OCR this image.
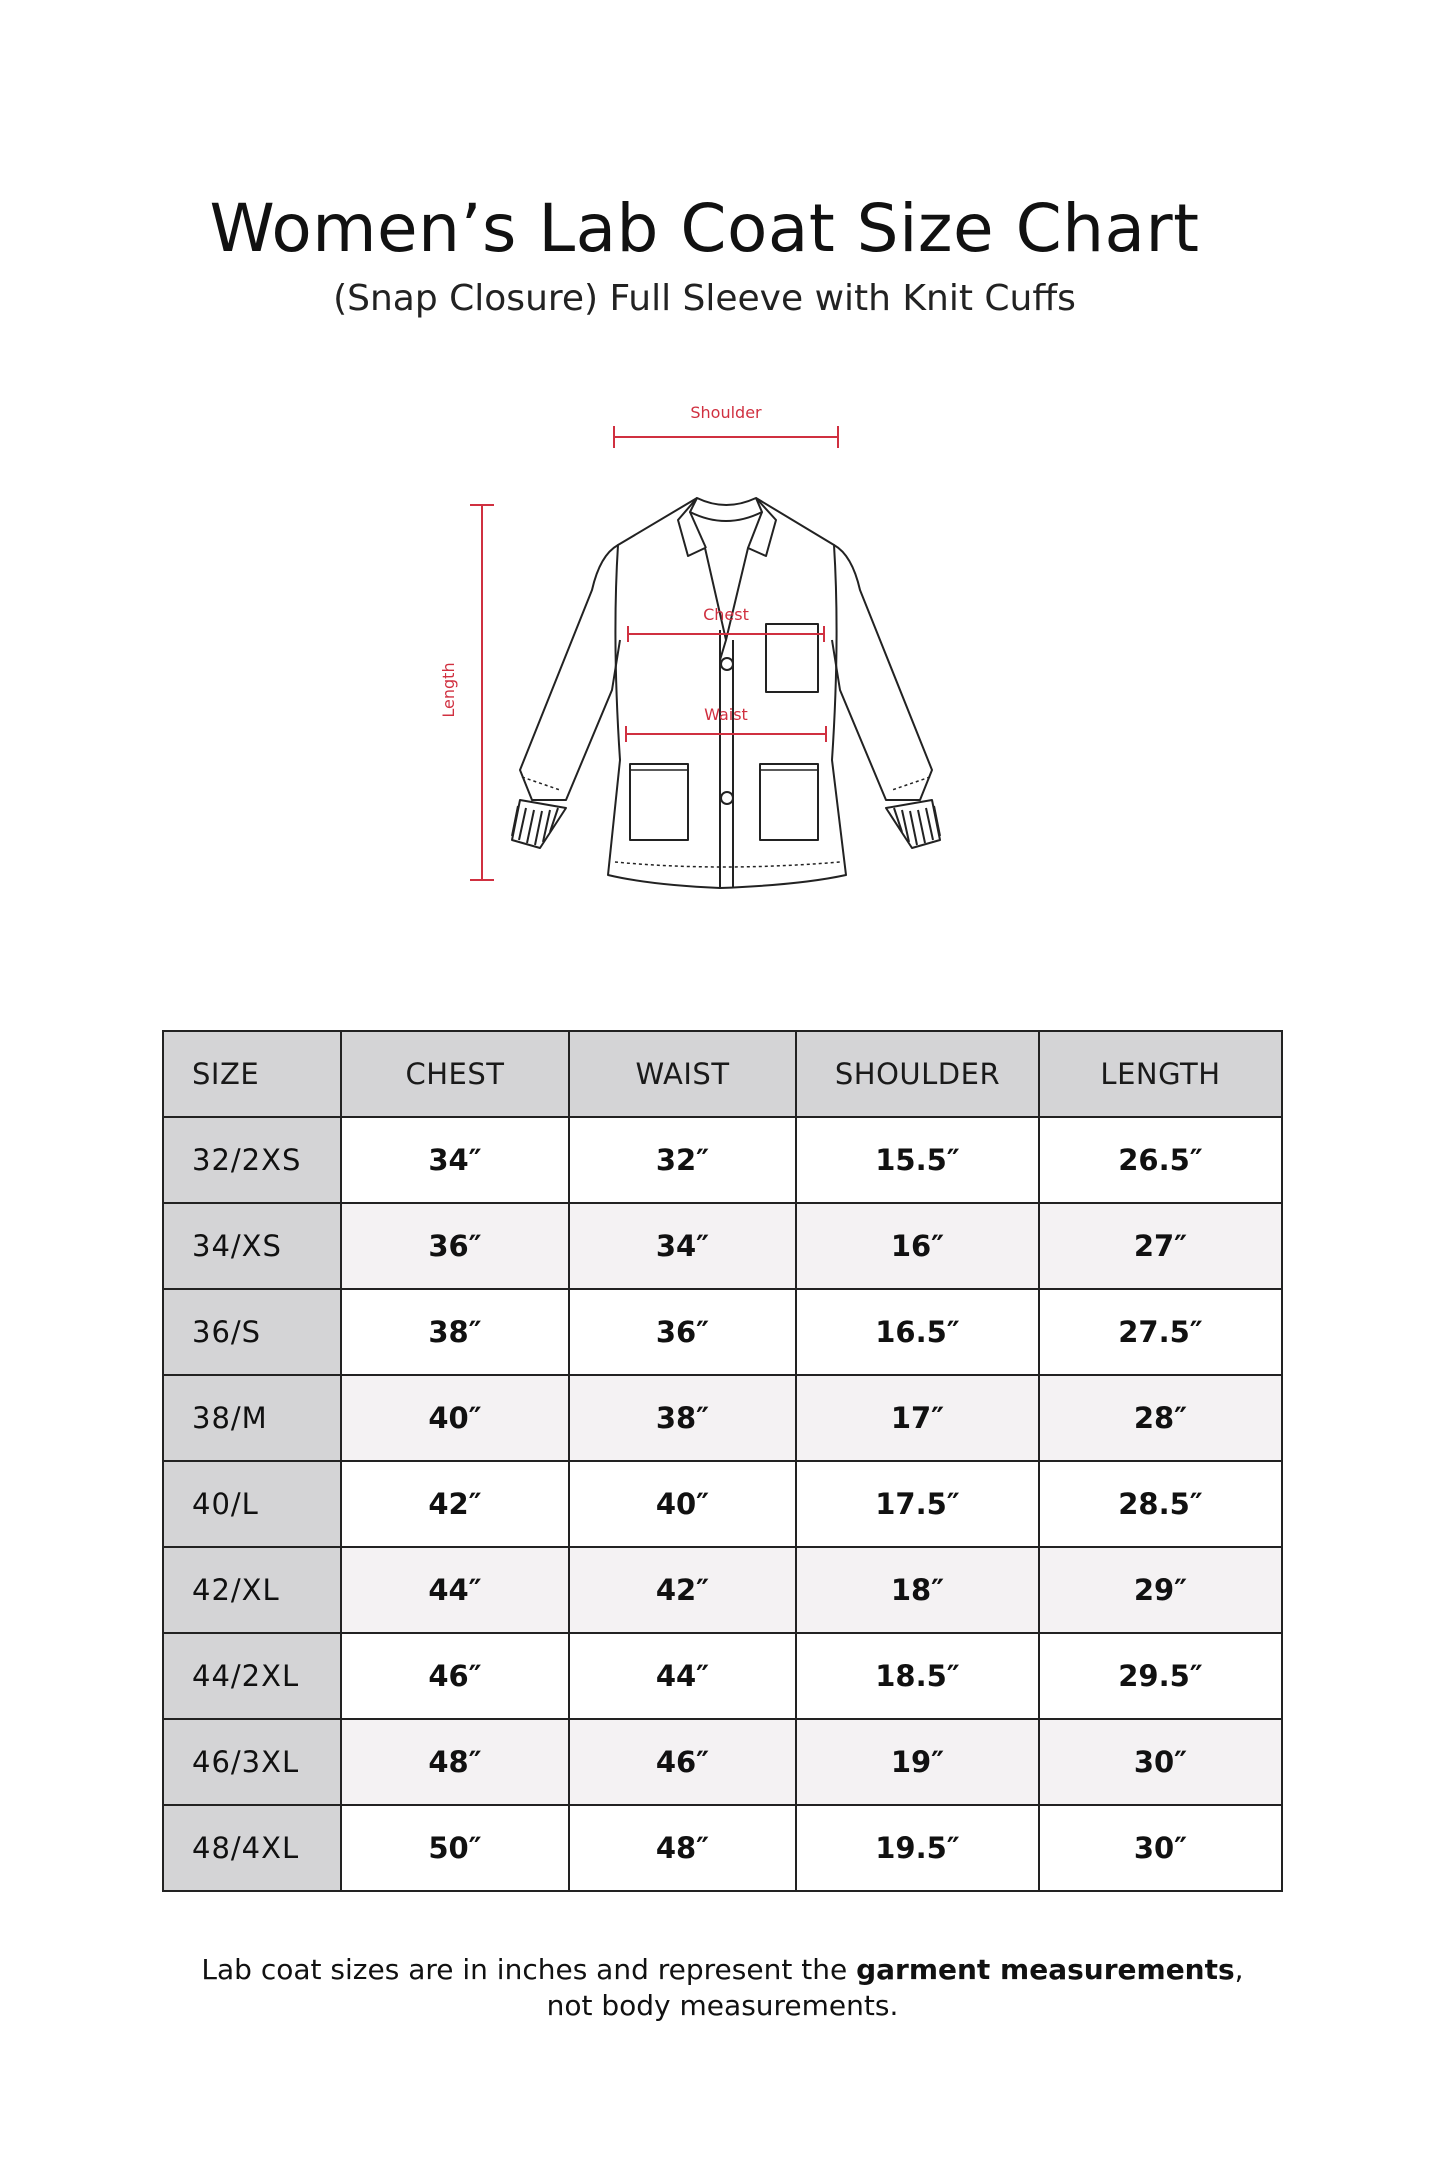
Women’s Lab Coat Size Chart
(Snap Closure) Full Sleeve with Knit Cuffs
Shoulder
Length
Chest
Waist
SIZE	CHEST	WAIST	SHOULDER	LENGTH
32/2XS	34″	32″	15.5″	26.5″
34/XS	36″	34″	16″	27″
36/S	38″	36″	16.5″	27.5″
38/M	40″	38″	17″	28″
40/L	42″	40″	17.5″	28.5″
42/XL	44″	42″	18″	29″
44/2XL	46″	44″	18.5″	29.5″
46/3XL	48″	46″	19″	30″
48/4XL	50″	48″	19.5″	30″
Lab coat sizes are in inches and represent the garment measurements,
not body measurements.
